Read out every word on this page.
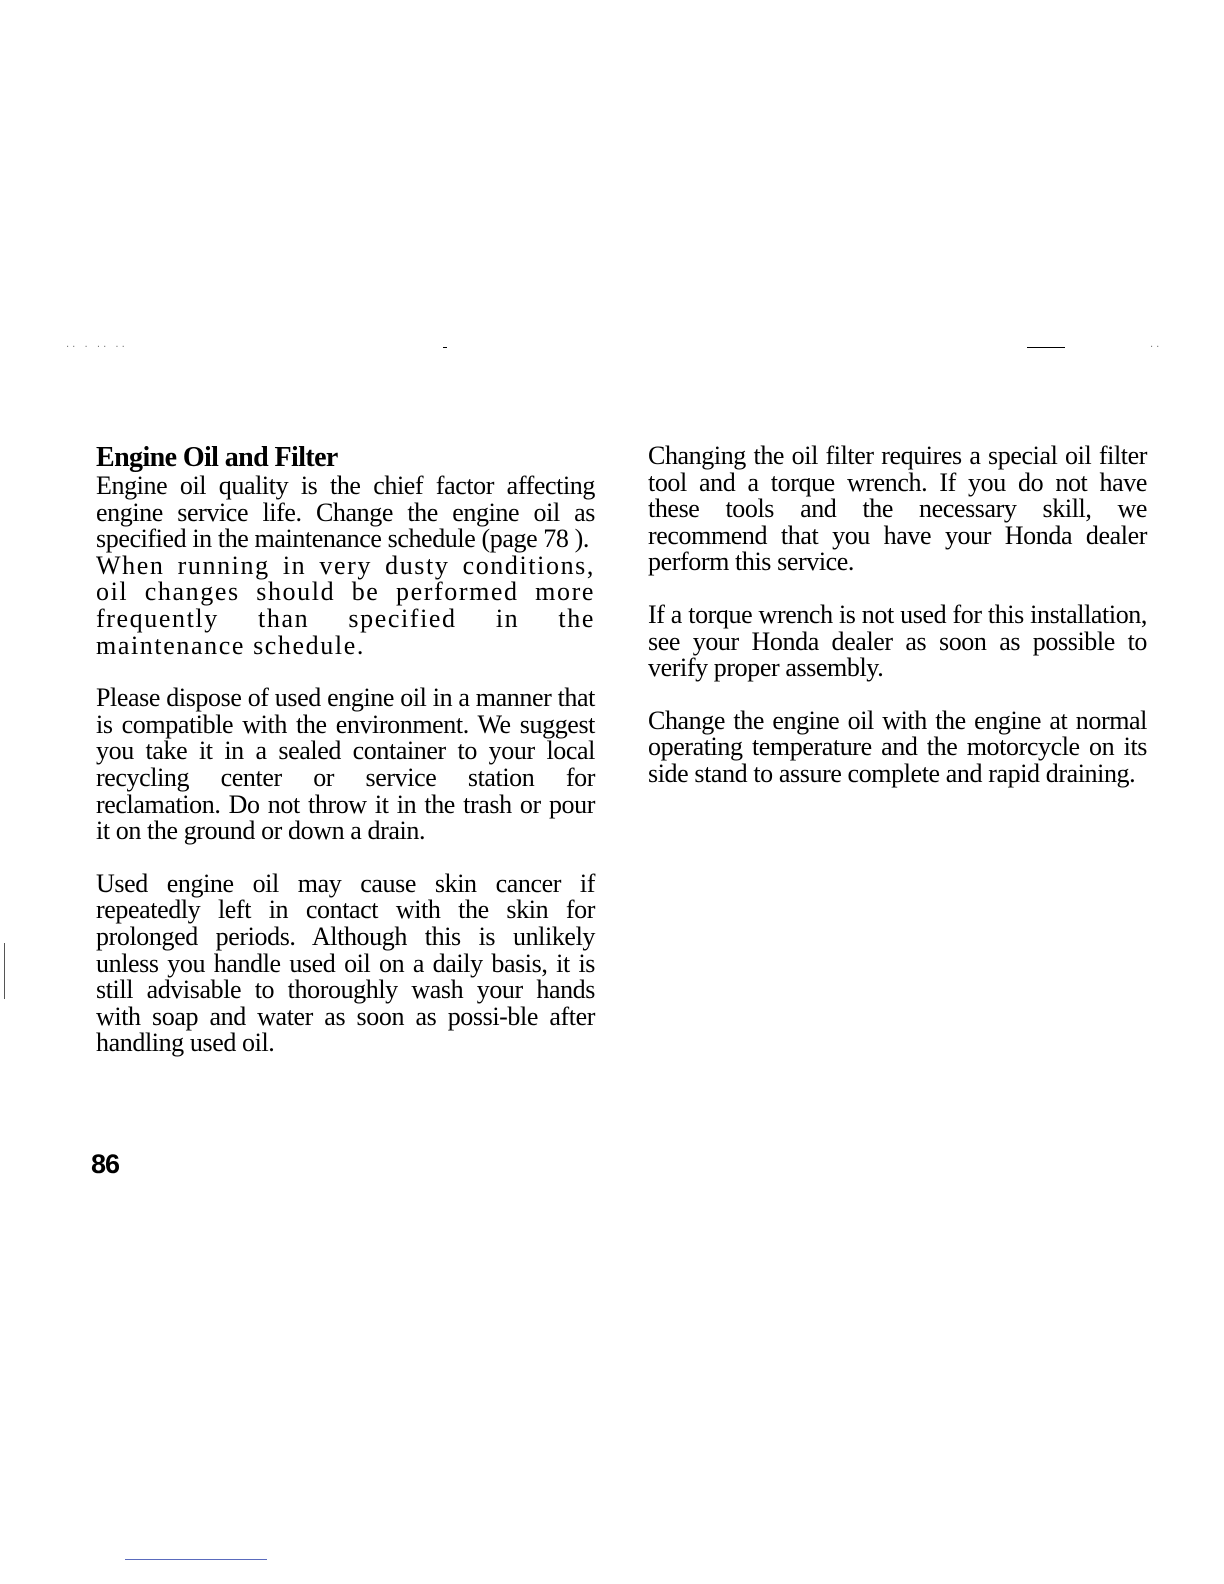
·· · ·· ··	··
Engine Oil and Filter

Engine oil quality is the chief factor affecting engine service life. Change the engine oil as specified in the maintenance schedule (page 78 ).

When running in very dusty conditions, oil changes should be performed more frequently than specified in the maintenance schedule.

Please dispose of used engine oil in a manner that is compatible with the environment. We suggest you take it in a sealed container to your local recycling center or service station for reclamation. Do not throw it in the trash or pour it on the ground or down a drain.

Used engine oil may cause skin cancer if repeatedly left in contact with the skin for prolonged periods. Although this is unlikely unless you handle used oil on a daily basis, it is still advisable to thoroughly wash your hands with soap and water as soon as possi-ble after handling used oil.

Changing the oil filter requires a special oil filter tool and a torque wrench. If you do not have these tools and the necessary skill, we recommend that you have your Honda dealer perform this service.

If a torque wrench is not used for this installation, see your Honda dealer as soon as possible to verify proper assembly.

Change the engine oil with the engine at normal operating temperature and the motorcycle on its side stand to assure complete and rapid draining.

86
